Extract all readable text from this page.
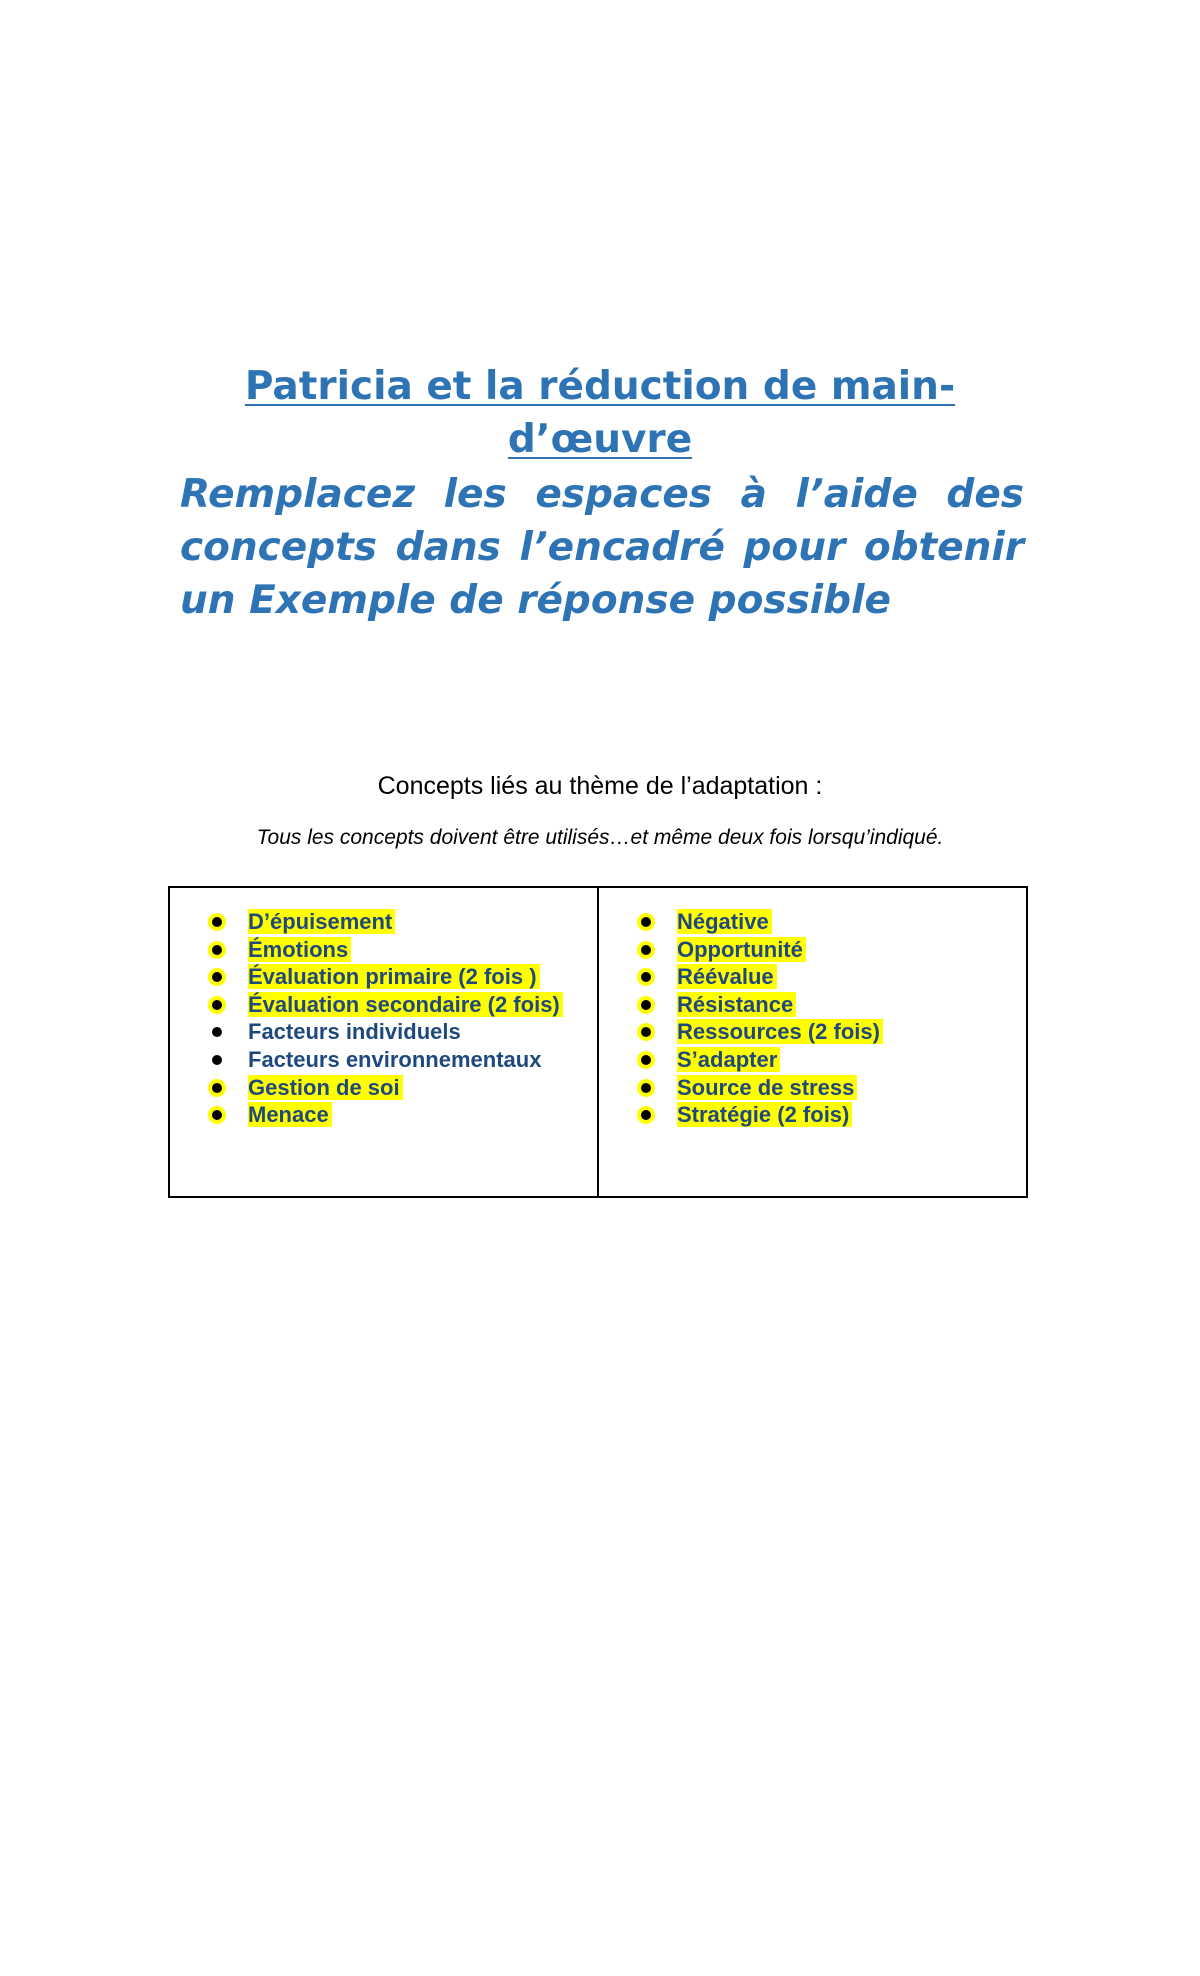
Patricia et la réduction de main-d’œuvre

Remplacez les espaces à l’aide des concepts dans l’encadré pour obtenir un Exemple de réponse possible

Concepts liés au thème de l’adaptation :

Tous les concepts doivent être utilisés…et même deux fois lorsqu’indiqué.

D’épuisement
Émotions
Évaluation primaire (2 fois )
Évaluation secondaire (2 fois)
Facteurs individuels
Facteurs environnementaux
Gestion de soi
Menace
Négative
Opportunité
Réévalue
Résistance
Ressources (2 fois)
S’adapter
Source de stress
Stratégie (2 fois)
